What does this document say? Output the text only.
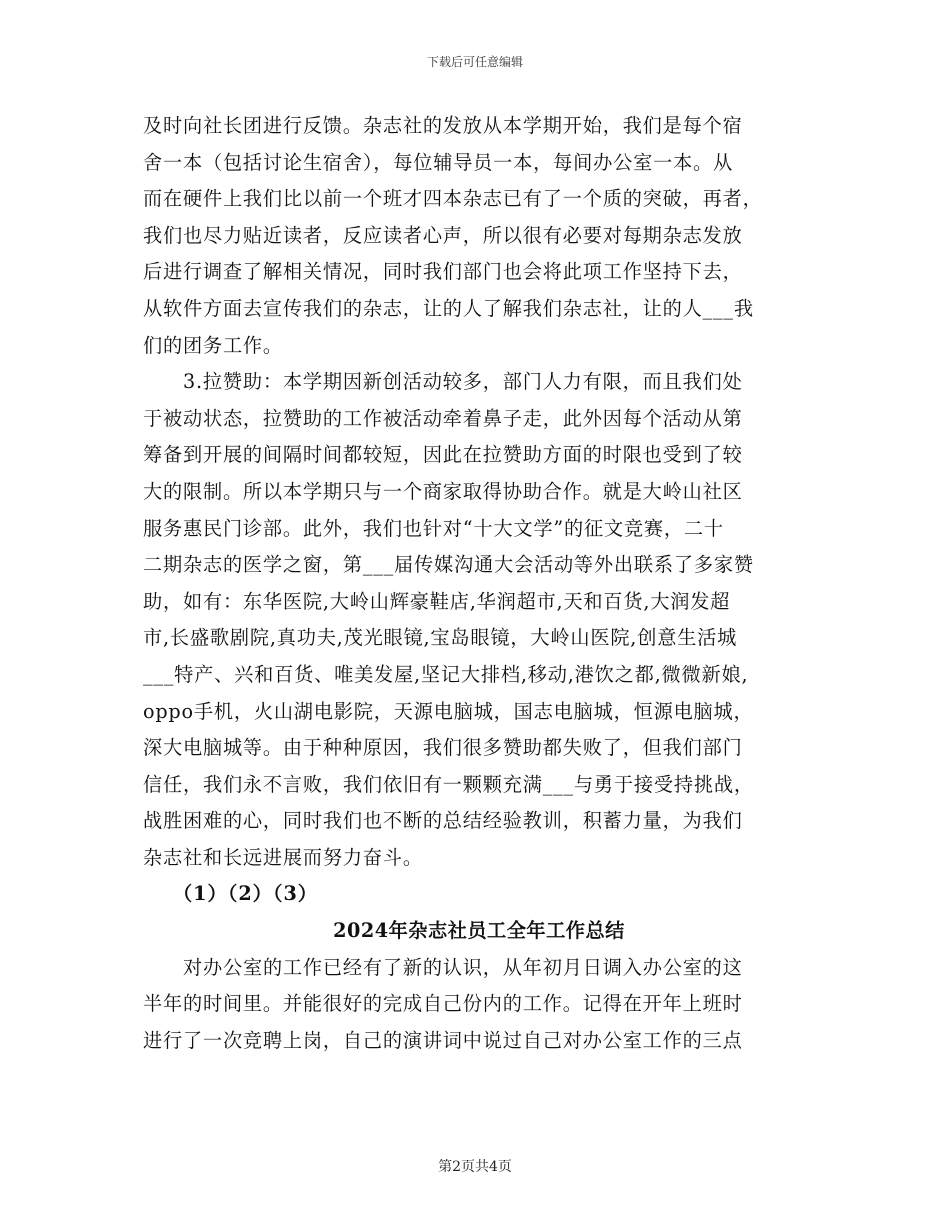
下载后可任意编辑
及时向社长团进行反馈。杂志社的发放从本学期开始，我们是每个宿
舍一本（包括讨论生宿舍），每位辅导员一本，每间办公室一本。从
而在硬件上我们比以前一个班才四本杂志已有了一个质的突破，再者，
我们也尽力贴近读者，反应读者心声，所以很有必要对每期杂志发放
后进行调查了解相关情况，同时我们部门也会将此项工作坚持下去，
从软件方面去宣传我们的杂志，让的人了解我们杂志社，让的人___我
们的团务工作。
3.拉赞助：本学期因新创活动较多，部门人力有限，而且我们处
于被动状态，拉赞助的工作被活动牵着鼻子走，此外因每个活动从第
筹备到开展的间隔时间都较短，因此在拉赞助方面的时限也受到了较
大的限制。所以本学期只与一个商家取得协助合作。就是大岭山社区
服务惠民门诊部。此外，我们也针对“十大文学”的征文竞赛，二十
二期杂志的医学之窗，第___届传媒沟通大会活动等外出联系了多家赞
助，如有：东华医院,大岭山辉豪鞋店,华润超市,天和百货,大润发超
市,长盛歌剧院,真功夫,茂光眼镜,宝岛眼镜，大岭山医院,创意生活城
___特产、兴和百货、唯美发屋,坚记大排档,移动,港饮之都,微微新娘,
oppo手机，火山湖电影院，天源电脑城，国志电脑城，恒源电脑城，
深大电脑城等。由于种种原因，我们很多赞助都失败了，但我们部门
信任，我们永不言败，我们依旧有一颗颗充满___与勇于接受持挑战，
战胜困难的心，同时我们也不断的总结经验教训，积蓄力量，为我们
杂志社和长远进展而努力奋斗。
（1）（2）（3）
2024年杂志社员工全年工作总结
对办公室的工作已经有了新的认识，从年初月日调入办公室的这
半年的时间里。并能很好的完成自己份内的工作。记得在开年上班时
进行了一次竞聘上岗，自己的演讲词中说过自己对办公室工作的三点
第2页共4页
